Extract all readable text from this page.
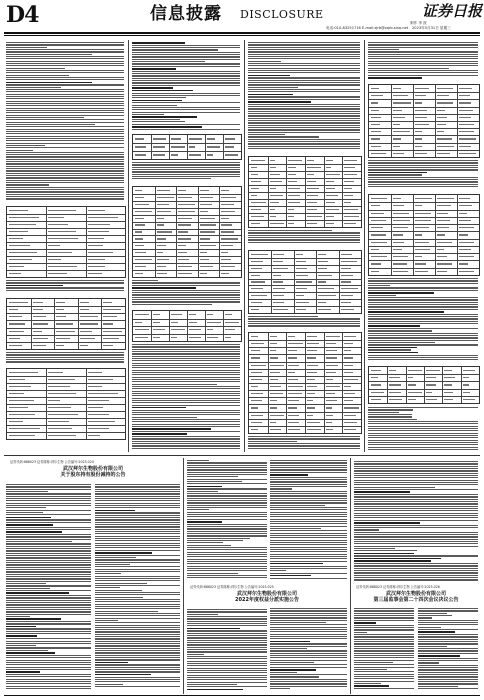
D4	信息披露 DISCLOSURE	证券日报
制作 李 波
电话:010-83251716 E-mail:zjrb@zqrb.sina.net 2023年5月31日 星期三
证券代码:688023 证券简称:拜尔生物 公告编号:2023-024
武汉拜尔生物股份有限公司
关于股东持有股份减持的公告
证券代码:688023 证券简称:拜尔生物 公告编号:2023-025
武汉拜尔生物股份有限公司
2022年度权益分派实施公告
证券代码:688023 证券简称:拜尔生物 公告编号:2023-026
武汉拜尔生物股份有限公司
第三届监事会第二十四次会议决议公告
